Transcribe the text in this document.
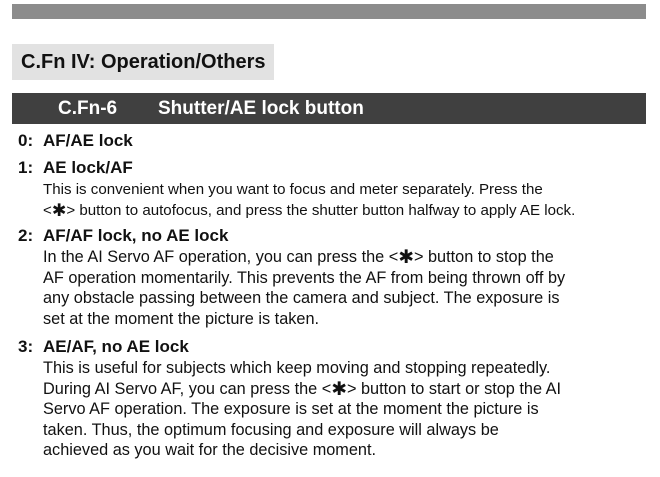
C.Fn IV: Operation/Others
C.Fn-6 Shutter/AE lock button
0: AF/AE lock
1: AE lock/AF
This is convenient when you want to focus and meter separately. Press the
<✱> button to autofocus, and press the shutter button halfway to apply AE lock.
2: AF/AF lock, no AE lock
In the AI Servo AF operation, you can press the <✱> button to stop the
AF operation momentarily. This prevents the AF from being thrown off by
any obstacle passing between the camera and subject. The exposure is
set at the moment the picture is taken.
3: AE/AF, no AE lock
This is useful for subjects which keep moving and stopping repeatedly.
During AI Servo AF, you can press the <✱> button to start or stop the AI
Servo AF operation. The exposure is set at the moment the picture is
taken. Thus, the optimum focusing and exposure will always be
achieved as you wait for the decisive moment.
